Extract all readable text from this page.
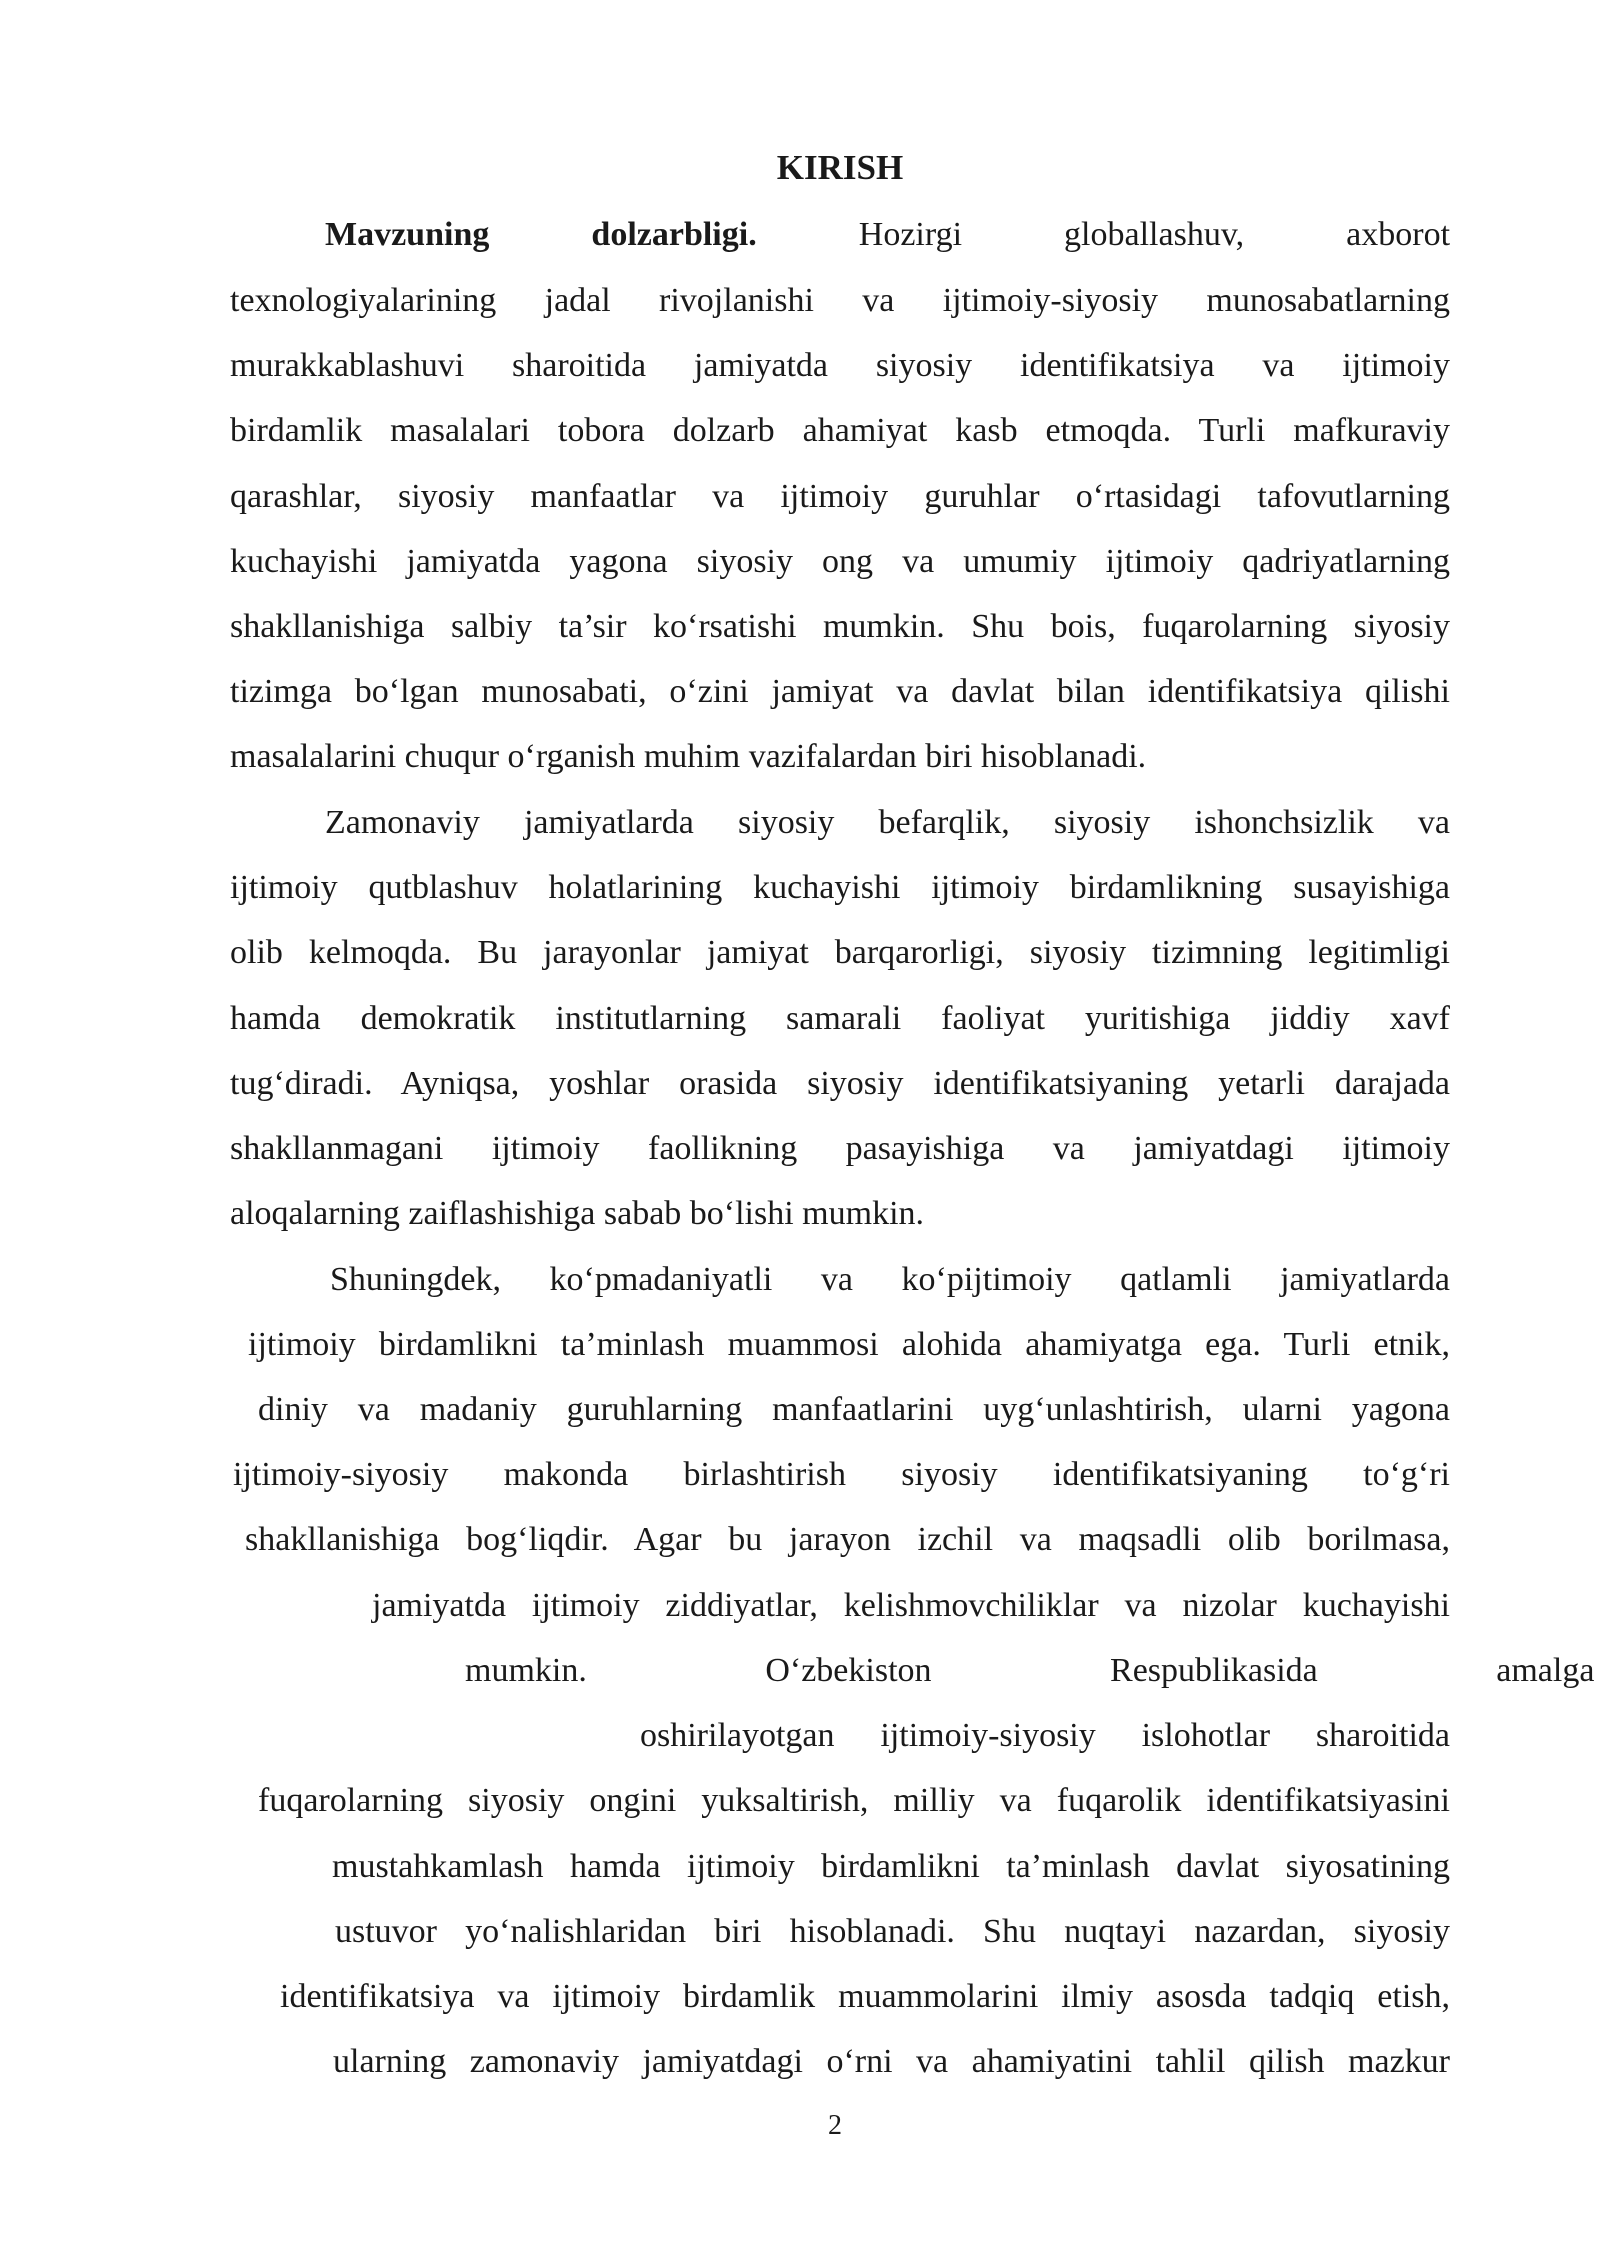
KIRISH
Mavzuning dolzarbligi.	Hozirgi globallashuv, axborot
texnologiyalarining jadal rivojlanishi va ijtimoiy-siyosiy munosabatlarning
murakkablashuvi sharoitida jamiyatda siyosiy identifikatsiya va ijtimoiy
birdamlik masalalari tobora dolzarb ahamiyat kasb etmoqda. Turli mafkuraviy
qarashlar, siyosiy manfaatlar va ijtimoiy guruhlar o‘rtasidagi tafovutlarning
kuchayishi jamiyatda yagona siyosiy ong va umumiy ijtimoiy qadriyatlarning
shakllanishiga salbiy ta’sir ko‘rsatishi mumkin. Shu bois, fuqarolarning siyosiy
tizimga bo‘lgan munosabati, o‘zini jamiyat va davlat bilan identifikatsiya qilishi
masalalarini chuqur o‘rganish muhim vazifalardan biri hisoblanadi.
Zamonaviy jamiyatlarda siyosiy befarqlik, siyosiy ishonchsizlik va
ijtimoiy qutblashuv holatlarining kuchayishi ijtimoiy birdamlikning susayishiga
olib kelmoqda. Bu jarayonlar jamiyat barqarorligi, siyosiy tizimning legitimligi
hamda demokratik institutlarning samarali faoliyat yuritishiga jiddiy xavf
tug‘diradi. Ayniqsa, yoshlar orasida siyosiy identifikatsiyaning yetarli darajada
shakllanmagani ijtimoiy faollikning pasayishiga va jamiyatdagi ijtimoiy
aloqalarning zaiflashishiga sabab bo‘lishi mumkin.
Shuningdek, ko‘pmadaniyatli va ko‘pijtimoiy qatlamli jamiyatlarda
ijtimoiy birdamlikni ta’minlash muammosi alohida ahamiyatga ega. Turli etnik,
diniy va madaniy guruhlarning manfaatlarini uyg‘unlashtirish, ularni yagona
ijtimoiy-siyosiy makonda birlashtirish siyosiy identifikatsiyaning to‘g‘ri
shakllanishiga bog‘liqdir. Agar bu jarayon izchil va maqsadli olib borilmasa,
jamiyatda ijtimoiy ziddiyatlar, kelishmovchiliklar va nizolar kuchayishi
mumkin. O‘zbekiston Respublikasida amalga
oshirilayotgan ijtimoiy-siyosiy islohotlar sharoitida
fuqarolarning siyosiy ongini yuksaltirish, milliy va fuqarolik identifikatsiyasini
mustahkamlash hamda ijtimoiy birdamlikni ta’minlash davlat siyosatining
ustuvor yo‘nalishlaridan biri hisoblanadi. Shu nuqtayi nazardan, siyosiy
identifikatsiya va ijtimoiy birdamlik muammolarini ilmiy asosda tadqiq etish,
ularning zamonaviy jamiyatdagi o‘rni va ahamiyatini tahlil qilish mazkur
2
